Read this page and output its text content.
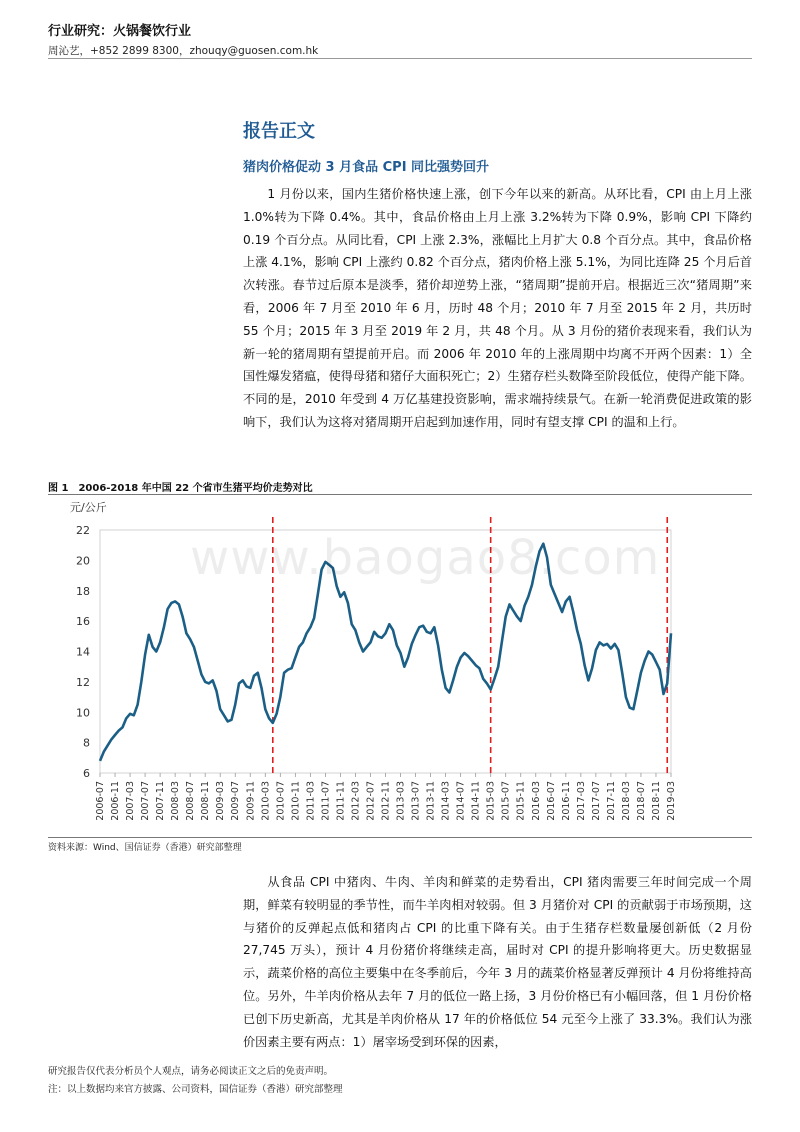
行业研究：火锅餐饮行业
周沁艺，+852 2899 8300，zhouqy@guosen.com.hk
报告正文
猪肉价格促动 3 月食品 CPI 同比强势回升
1 月份以来，国内生猪价格快速上涨，创下今年以来的新高。从环比看，CPI 由上月上涨 1.0%转为下降 0.4%。其中，食品价格由上月上涨 3.2%转为下降 0.9%，影响 CPI 下降约 0.19 个百分点。从同比看，CPI 上涨 2.3%，涨幅比上月扩大 0.8 个百分点。其中，食品价格上涨 4.1%，影响 CPI 上涨约 0.82 个百分点，猪肉价格上涨 5.1%，为同比连降 25 个月后首次转涨。春节过后原本是淡季，猪价却逆势上涨，“猪周期”提前开启。根据近三次“猪周期”来看，2006 年 7 月至 2010 年 6 月，历时 48 个月；2010 年 7 月至 2015 年 2 月，共历时 55 个月；2015 年 3 月至 2019 年 2 月，共 48 个月。从 3 月份的猪价表现来看，我们认为新一轮的猪周期有望提前开启。而 2006 年 2010 年的上涨周期中均离不开两个因素：1）全国性爆发猪瘟，使得母猪和猪仔大面积死亡；2）生猪存栏头数降至阶段低位，使得产能下降。不同的是，2010 年受到 4 万亿基建投资影响，需求端持续景气。在新一轮消费促进政策的影响下，我们认为这将对猪周期开启起到加速作用，同时有望支撑 CPI 的温和上行。
图 1　2006-2018 年中国 22 个省市生猪平均价走势对比
元/公斤
6
8
10
12
14
16
18
20
22
2006-07 2006-11 2007-03 2007-07 2007-11 2008-03 2008-07 2008-11 2009-03 2009-07 2009-11 2010-03 2010-07 2010-11 2011-03 2011-07 2011-11 2012-03 2012-07 2012-11 2013-03 2013-07 2013-11 2014-03 2014-07 2014-11 2015-03 2015-07 2015-11 2016-03 2016-07 2016-11 2017-03 2017-07 2017-11 2018-03 2018-07 2018-11 2019-03
www.baogao8.com
资料来源：Wind、国信证券（香港）研究部整理
从食品 CPI 中猪肉、牛肉、羊肉和鲜菜的走势看出，CPI 猪肉需要三年时间完成一个周期，鲜菜有较明显的季节性，而牛羊肉相对较弱。但 3 月猪价对 CPI 的贡献弱于市场预期，这与猪价的反弹起点低和猪肉占 CPI 的比重下降有关。由于生猪存栏数量屡创新低（2 月份 27,745 万头），预计 4 月份猪价将继续走高，届时对 CPI 的提升影响将更大。历史数据显示，蔬菜价格的高位主要集中在冬季前后，今年 3 月的蔬菜价格显著反弹预计 4 月份将维持高位。另外，牛羊肉价格从去年 7 月的低位一路上扬，3 月份价格已有小幅回落，但 1 月份价格已创下历史新高，尤其是羊肉价格从 17 年的价格低位 54 元至今上涨了 33.3%。我们认为涨价因素主要有两点：1）屠宰场受到环保的因素，
研究报告仅代表分析员个人观点，请务必阅读正文之后的免责声明。
注：以上数据均来官方披露、公司资料，国信证券（香港）研究部整理
